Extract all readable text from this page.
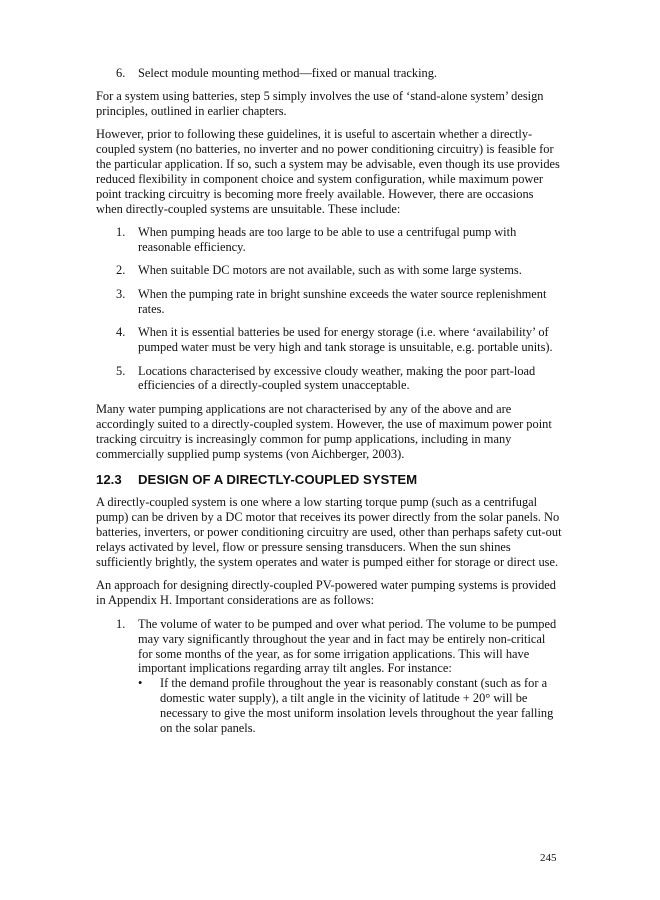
6.	Select module mounting method—fixed or manual tracking.

For a system using batteries, step 5 simply involves the use of ‘stand-alone system’ design principles, outlined in earlier chapters.

However, prior to following these guidelines, it is useful to ascertain whether a directly-coupled system (no batteries, no inverter and no power conditioning circuitry) is feasible for the particular application. If so, such a system may be advisable, even though its use provides reduced flexibility in component choice and system configuration, while maximum power point tracking circuitry is becoming more freely available. However, there are occasions when directly-coupled systems are unsuitable. These include:

1.	When pumping heads are too large to be able to use a centrifugal pump with reasonable efficiency.
2.	When suitable DC motors are not available, such as with some large systems.
3.	When the pumping rate in bright sunshine exceeds the water source replenishment rates.
4.	When it is essential batteries be used for energy storage (i.e. where ‘availability’ of pumped water must be very high and tank storage is unsuitable, e.g. portable units).
5.	Locations characterised by excessive cloudy weather, making the poor part-load efficiencies of a directly-coupled system unacceptable.

Many water pumping applications are not characterised by any of the above and are accordingly suited to a directly-coupled system. However, the use of maximum power point tracking circuitry is increasingly common for pump applications, including in many commercially supplied pump systems (von Aichberger, 2003).

12.3	DESIGN OF A DIRECTLY-COUPLED SYSTEM

A directly-coupled system is one where a low starting torque pump (such as a centrifugal pump) can be driven by a DC motor that receives its power directly from the solar panels. No batteries, inverters, or power conditioning circuitry are used, other than perhaps safety cut-out relays activated by level, flow or pressure sensing transducers. When the sun shines sufficiently brightly, the system operates and water is pumped either for storage or direct use.

An approach for designing directly-coupled PV-powered water pumping systems is provided in Appendix H. Important considerations are as follows:

1.	The volume of water to be pumped and over what period. The volume to be pumped may vary significantly throughout the year and in fact may be entirely non-critical for some months of the year, as for some irrigation applications. This will have important implications regarding array tilt angles. For instance:
•	If the demand profile throughout the year is reasonably constant (such as for a domestic water supply), a tilt angle in the vicinity of latitude + 20° will be necessary to give the most uniform insolation levels throughout the year falling on the solar panels.
245
